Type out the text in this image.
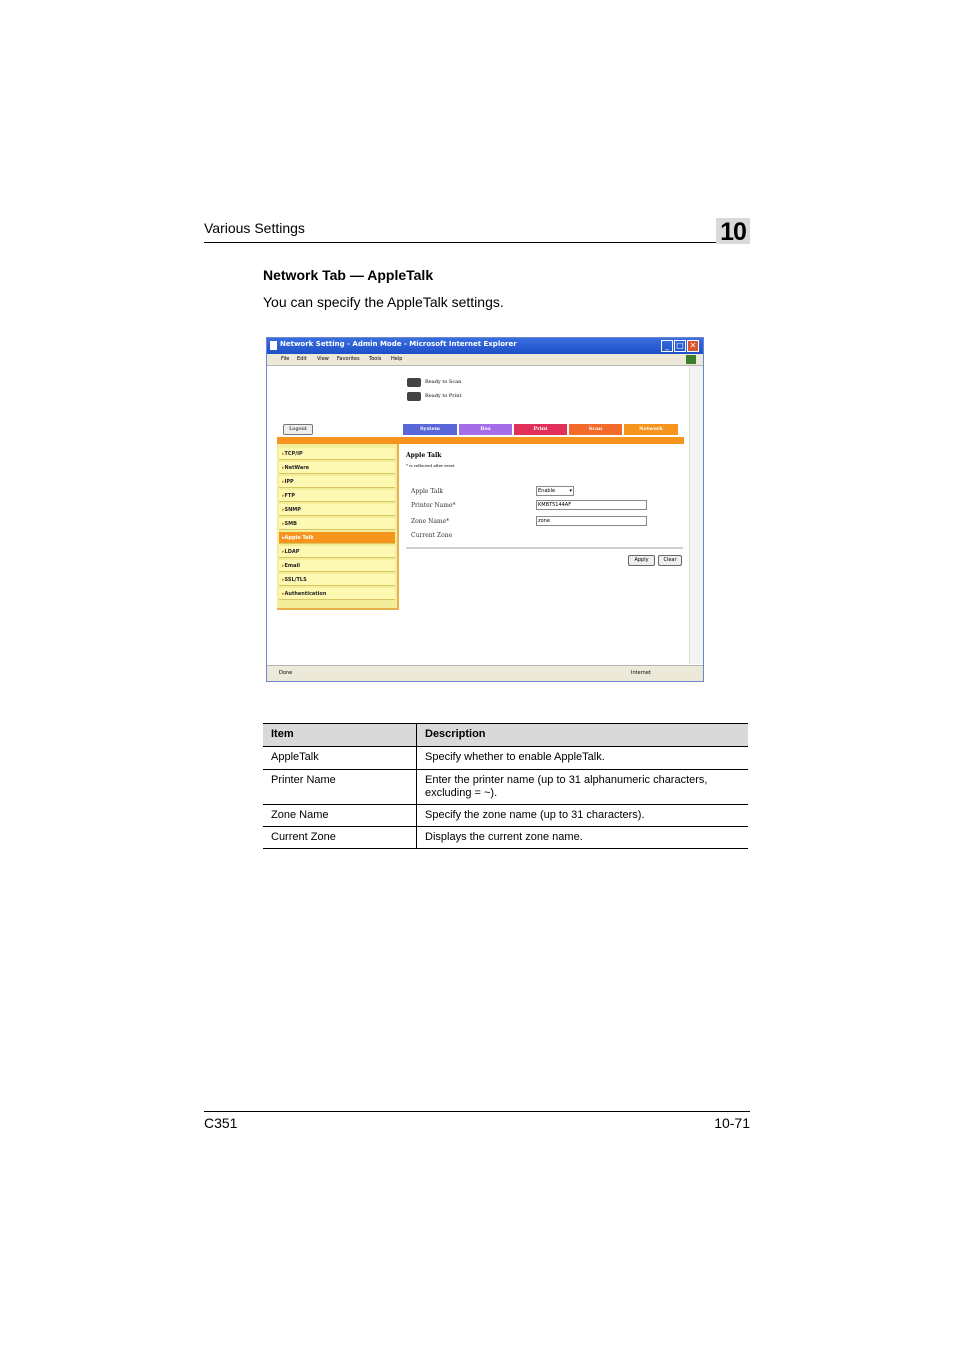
Various Settings	10
Network Tab — AppleTalk
You can specify the AppleTalk settings.
Network Setting - Admin Mode - Microsoft Internet Explorer	_ □ ✕
File Edit View Favorites Tools Help
Ready to Scan
Ready to Print
Logout	System	Box	Print	Scan	Network
▸TCP/IP
▸NetWare
▸IPP
▸FTP
▸SNMP
▸SMB
▸Apple Talk
▸LDAP
▸Email
▸SSL/TLS
▸Authentication
Apple Talk
* is reflected after reset
Apple Talk	Enable	▾
Printer Name*	KMBT5144AF
Zone Name*	zone
Current Zone
Apply	Clear
Done	Internet
Item	Description
AppleTalk	Specify whether to enable AppleTalk.
Printer Name	Enter the printer name (up to 31 alphanumeric characters, excluding = ~).
Zone Name	Specify the zone name (up to 31 characters).
Current Zone	Displays the current zone name.
C351	10-71
